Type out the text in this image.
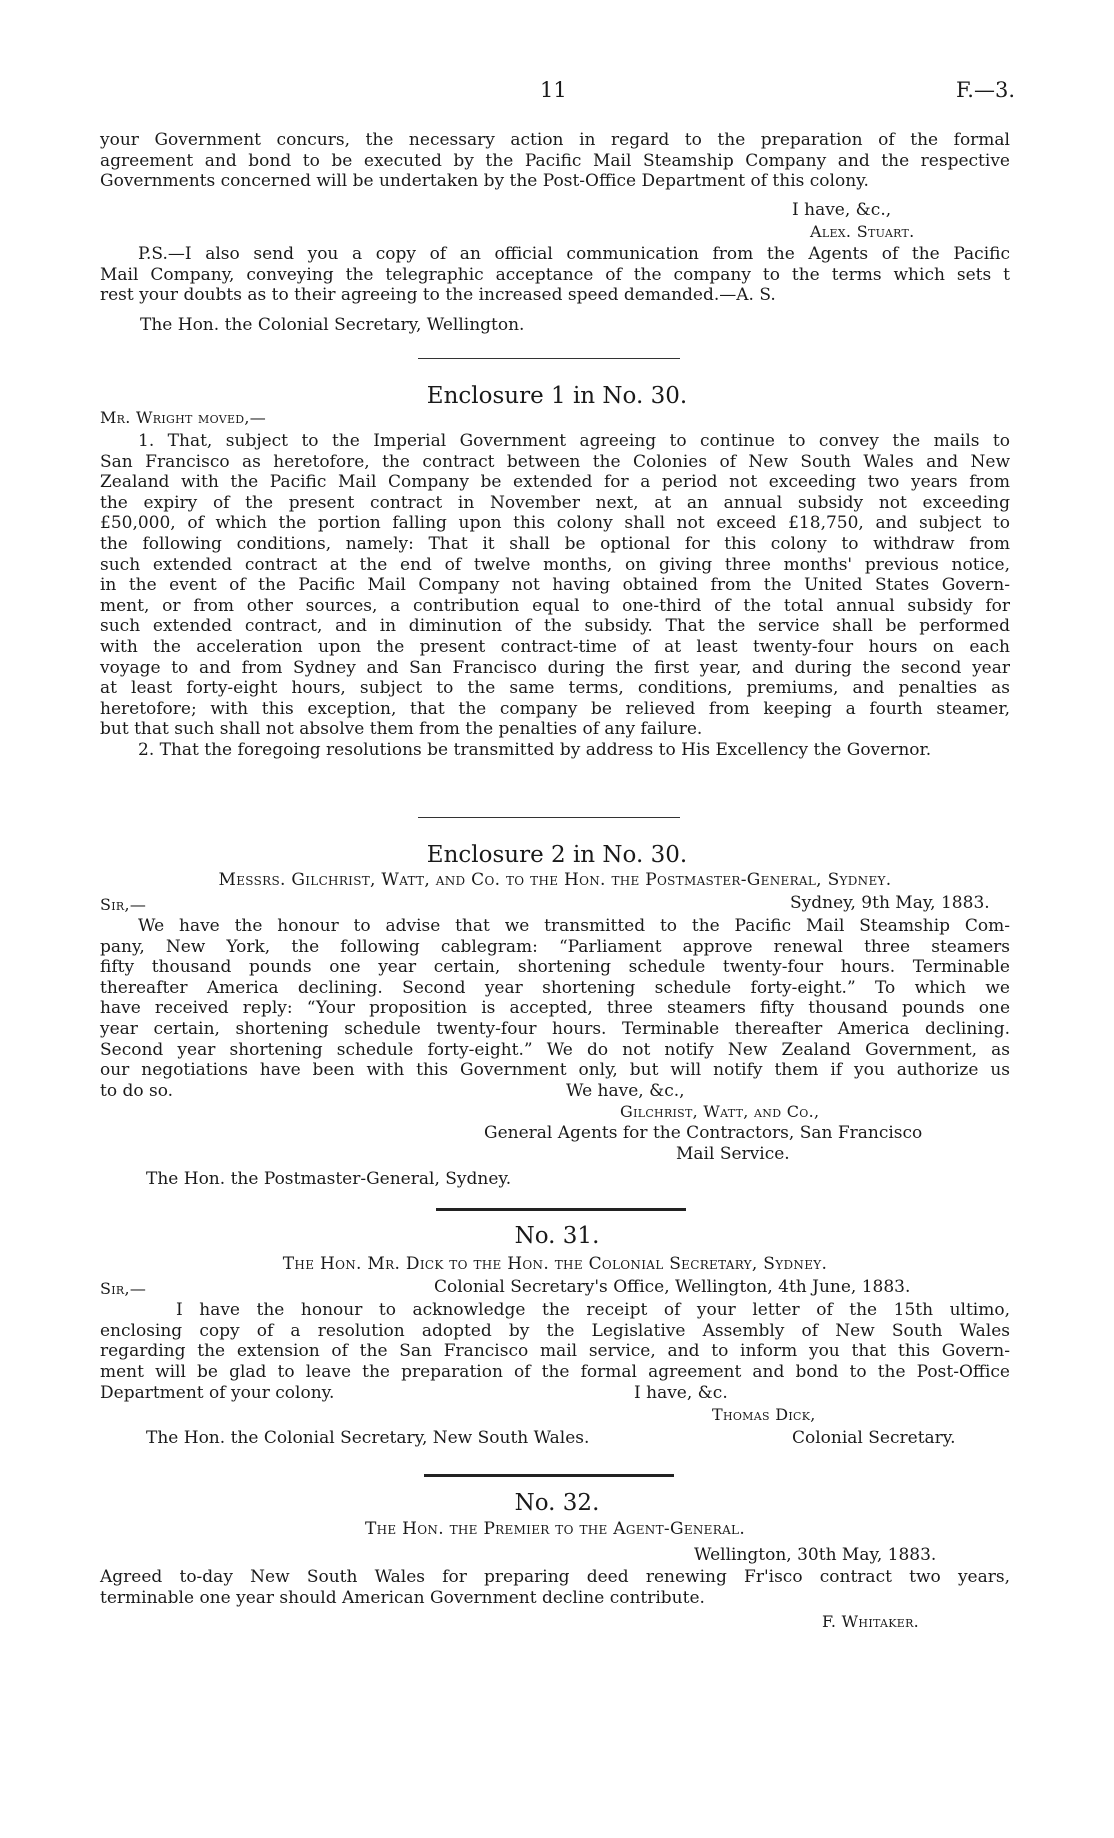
11	F.—3.
your Government concurs, the necessary action in regard to the preparation of the formal
agreement and bond to be executed by the Pacific Mail Steamship Company and the respective
Governments concerned will be undertaken by the Post-Office Department of this colony.
I have, &c.,
Alex. Stuart.
P.S.—I also send you a copy of an official communication from the Agents of the Pacific
Mail Company, conveying the telegraphic acceptance of the company to the terms which sets t
rest your doubts as to their agreeing to the increased speed demanded.—A. S.
The Hon. the Colonial Secretary, Wellington.
Enclosure 1 in No. 30.
Mr. Wright moved,—
1. That, subject to the Imperial Government agreeing to continue to convey the mails to
San Francisco as heretofore, the contract between the Colonies of New South Wales and New
Zealand with the Pacific Mail Company be extended for a period not exceeding two years from
the expiry of the present contract in November next, at an annual subsidy not exceeding
£50,000, of which the portion falling upon this colony shall not exceed £18,750, and subject to
the following conditions, namely: That it shall be optional for this colony to withdraw from
such extended contract at the end of twelve months, on giving three months' previous notice,
in the event of the Pacific Mail Company not having obtained from the United States Govern-
ment, or from other sources, a contribution equal to one-third of the total annual subsidy for
such extended contract, and in diminution of the subsidy. That the service shall be performed
with the acceleration upon the present contract-time of at least twenty-four hours on each
voyage to and from Sydney and San Francisco during the first year, and during the second year
at least forty-eight hours, subject to the same terms, conditions, premiums, and penalties as
heretofore; with this exception, that the company be relieved from keeping a fourth steamer,
but that such shall not absolve them from the penalties of any failure.
2. That the foregoing resolutions be transmitted by address to His Excellency the Governor.
Enclosure 2 in No. 30.
Messrs. Gilchrist, Watt, and Co. to the Hon. the Postmaster-General, Sydney.
Sir,—	Sydney, 9th May, 1883.
We have the honour to advise that we transmitted to the Pacific Mail Steamship Com-
pany, New York, the following cablegram: “Parliament approve renewal three steamers
fifty thousand pounds one year certain, shortening schedule twenty-four hours. Terminable
thereafter America declining. Second year shortening schedule forty-eight.” To which we
have received reply: “Your proposition is accepted, three steamers fifty thousand pounds one
year certain, shortening schedule twenty-four hours. Terminable thereafter America declining.
Second year shortening schedule forty-eight.” We do not notify New Zealand Government, as
our negotiations have been with this Government only, but will notify them if you authorize us
to do so.	We have, &c.,
Gilchrist, Watt, and Co.,
General Agents for the Contractors, San Francisco
Mail Service.
The Hon. the Postmaster-General, Sydney.
No. 31.
The Hon. Mr. Dick to the Hon. the Colonial Secretary, Sydney.
Sir,—	Colonial Secretary's Office, Wellington, 4th June, 1883.
I have the honour to acknowledge the receipt of your letter of the 15th ultimo,
enclosing copy of a resolution adopted by the Legislative Assembly of New South Wales
regarding the extension of the San Francisco mail service, and to inform you that this Govern-
ment will be glad to leave the preparation of the formal agreement and bond to the Post-Office
Department of your colony.	I have, &c.
Thomas Dick,
The Hon. the Colonial Secretary, New South Wales.	Colonial Secretary.
No. 32.
The Hon. the Premier to the Agent-General.
Wellington, 30th May, 1883.
Agreed to-day New South Wales for preparing deed renewing Fr'isco contract two years,
terminable one year should American Government decline contribute.
F. Whitaker.
